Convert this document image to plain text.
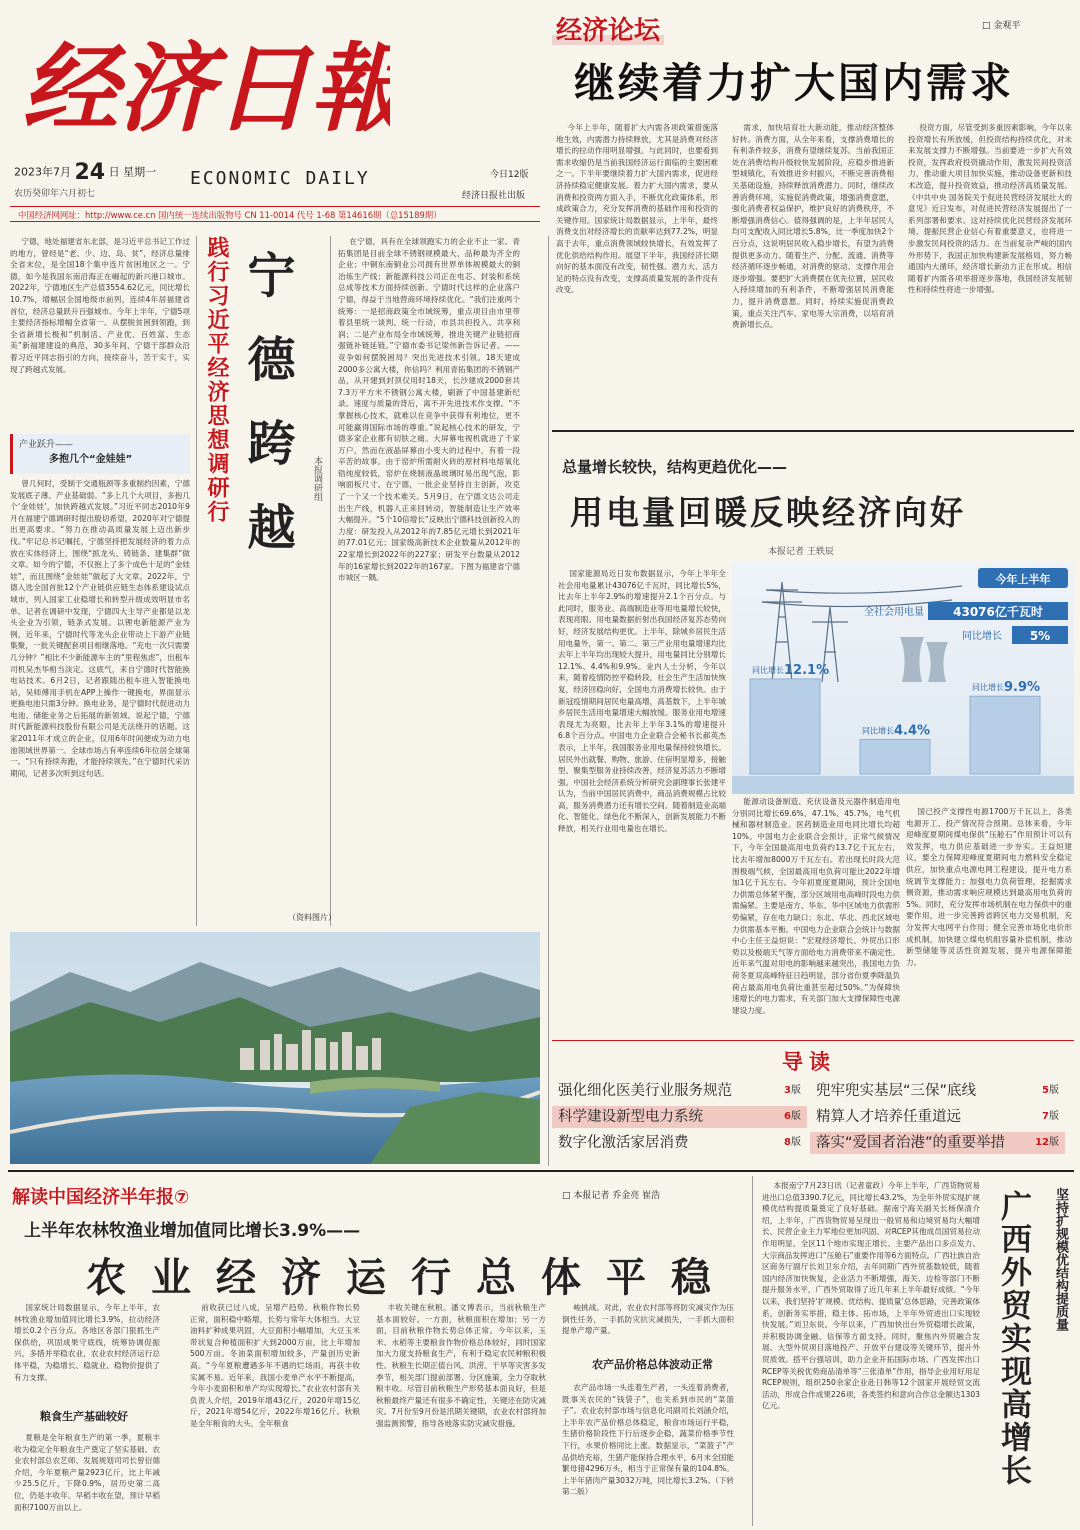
经济日報
2023年7月 24 日 星期一
农历癸卯年六月初七
ECONOMIC DAILY	今日12版
经济日报社出版
中国经济网网址：http://www.ce.cn 国内统一连续出版物号 CN 11-0014 代号 1-68 第14616期（总15189期）
经济论坛	□ 金观平
继续着力扩大国内需求
今年上半年，随着扩大内需各项政策措施落地生效，内需潜力持续释放，尤其是消费对经济增长的拉动作用明显增强。与此同时，也要看到需求收缩仍是当前我国经济运行面临的主要困难之一。下半年要继续着力扩大国内需求，促进经济持续稳定健康发展。着力扩大国内需求，要从消费和投资两方面入手，不断优化政策体系，形成政策合力，充分发挥消费的基础作用和投资的关键作用。国家统计局数据显示，上半年，最终消费支出对经济增长的贡献率达到77.2%，明显高于去年，重点消费领域较快增长，有效发挥了优化供给结构作用。展望下半年，我国经济长期向好的基本面没有改变，韧性强、潜力大、活力足的特点没有改变，支撑高质量发展的条件没有改变。
需求，加快培育壮大新动能，推动经济整体好转。消费方面，从全年来看，支撑消费增长的有利条件较多，消费有望继续复苏。当前我国正处在消费结构升级较快发展阶段，应稳步推进新型城镇化，有效推进乡村振兴，不断完善消费相关基础设施，持续释放消费潜力。同时，继续改善消费环境，实施促消费政策，增强消费意愿，强化消费者权益保护，维护良好的消费秩序，不断增强消费信心。值得强调的是，上半年居民人均可支配收入同比增长5.8%，比一季度加快2个百分点，这说明居民收入稳步增长，有望为消费提供更多动力。随着生产、分配、流通、消费等经济循环逐步畅通，对消费的驱动、支撑作用会逐步增强。要把扩大消费摆在优先位置，居民收入持续增加的有利条件，不断增强居民消费能力，提升消费意愿。同时，持续实施促消费政策，重点关注汽车、家电等大宗消费，以培育消费新增长点。
投资方面，尽管受到多重因素影响，今年以来投资增长有所放缓，但投资结构持续优化，对未来发展支撑力不断增强。当前要进一步扩大有效投资，发挥政府投资撬动作用，激发民间投资活力，推动重大项目加快实施，推动设备更新和技术改造，提升投资效益，推动经济高质量发展。《中共中央 国务院关于促进民营经济发展壮大的意见》近日发布，对促进民营经济发展提出了一系列部署和要求。这对持续优化民营经济发展环境、提振民营企业信心有着重要意义，也将进一步激发民间投资的活力。在当前复杂严峻的国内外形势下，我国正加快构建新发展格局，努力畅通国内大循环，经济增长新动力正在形成。相信随着扩内需各项举措逐步落地，我国经济发展韧性和持续性将进一步增强。
宁德，地处福建省东北部，是习近平总书记工作过的地方，曾经是“老、少、边、岛、贫”，经济总量排全省末位，是全国18个集中连片贫困地区之一。宁德，如今是我国东南沿海正在崛起的新兴港口城市。2022年，宁德地区生产总值3554.62亿元，同比增长10.7%，增幅居全国地级市前列，连续4年居福建省首位，经济总量跃升百强城市。今年上半年，宁德5项主要经济指标增幅全省第一。从摆脱贫困到领跑，到全省新增长极和“机制活、产业优、百姓富、生态美”新福建建设的典范，30多年间，宁德干部群众沿着习近平同志指引的方向，接续奋斗，苦干实干，实现了跨越式发展。
产业跃升——
多抱几个“金娃娃”
曾几何时，受制于交通瓶颈等多重制约因素，宁德发展底子薄、产业基础弱。“多上几个大项目，多抱几个‘金娃娃’，加快跨越式发展。”习近平同志2010年9月在福建宁德调研时提出殷切希望，2020年对宁德提出更高要求。“努力在推动高质量发展上迈出新步伐。”牢记总书记嘱托，宁德坚持把发展经济的着力点放在实体经济上，围绕“抓龙头、铸链条、建集群”做文章。如今的宁德，不仅抱上了多个成色十足的“金娃娃”，而且围绕“金娃娃”做起了大文章。2022年，宁德入选全国首批12个产业链供应链生态体系建设试点城市，列入国家工业稳增长和转型升级成效明显市名单。记者在调研中发现，宁德四大主导产业都是以龙头企业为引领，链条式发展。以锂电新能源产业为例，近年来，宁德时代等龙头企业带动上下游产业链集聚，一批关键配套项目相继落地。“充电一次只需要几分钟？”相比不少新能源车主的“里程焦虑”，出租车司机吴杰华相当淡定。这底气，来自宁德时代智能换电站技术。6月2日，记者跟随出租车进入智能换电站，吴师傅用手机在APP上操作一键换电，界面显示更换电池只需3分钟。换电业务，是宁德时代促进动力电池、储能业务之后拓展的新领域。说起宁德，宁德时代新能源科技股份有限公司是无法绕开的话题。这家2011年才成立的企业，仅用6年时间便成为动力电池领域世界第一。全球市场占有率连续6年位居全球第一。“只有持续奔跑，才能持续领先。”在宁德时代采访期间，记者多次听到这句话。
践行习近平经济思想调研行 宁德跨越	本报调研组
在宁德，具有在全球领跑实力的企业不止一家。青拓集团是目前全球不锈钢规模最大、品种最为齐全的企业；中铜东南铜业公司拥有世界单体规模最大的铜冶炼生产线；新能源科技公司正在电芯、封装和系统总成等技术方面持续创新。宁德时代这样的企业落户宁德，得益于当地营商环境持续优化。“我们注重两个统筹：一是招商政策全市域统筹，重点项目由市里带着县里统一谈判、统一行动，市县共担投入、共享利润；二是产业布局全市域统筹，推进关键产业链招商强链补链延链。”宁德市委书记梁伟新告诉记者。——竞争如何摆脱困局？突出先进技术引领。18天建成2000多公寓大楼，你信吗？利用青拓集团的不锈钢产品，从开建到封顶仅用时18天，长沙建成2000套共7.3万平方米不锈钢公寓大楼，刷新了中国基建新纪录。速度与质量的背后，离不开先进技术作支撑。“不掌握核心技术，就难以在竞争中获得有利地位，更不可能赢得国际市场的尊重。”说起核心技术的研发，宁德多家企业都有切肤之痛。大屏幕电视机就进了千家万户，然而在液晶屏幕由小变大的过程中，有着一段辛苦的故事。由于窑炉所需耐火砖的原材料电熔氧化锆纯度较低，窑炉在烧制液晶玻璃时易出现气泡，影响面板尺寸。在宁德，一批企业坚持自主创新，攻克了一个又一个技术难关。5月9日，在宁德文达公司走出生产线，机器人正来回转动，智能制造让生产效率大幅提升。“5个10倍增长”反映出宁德科技创新投入的力度：研发投入从2012年的7.85亿元增长到2021年的77.01亿元；国家级高新技术企业数量从2012年的22家增长到2022年的227家；研发平台数量从2012年的16家增长到2022年的167家。下图为福建省宁德市城区一隅。
（资料图片）
总量增长较快，结构更趋优化——
用电量回暖反映经济向好
本报记者 王轶辰
国家能源局近日发布数据显示，今年上半年全社会用电量累计43076亿千瓦时，同比增长5%，比去年上半年2.9%的增速提升2.1个百分点。与此同时，服务业、高端制造业等用电量增长较快，表现亮眼。用电量数据折射出我国经济复苏态势向好，经济发展结构更优。上半年，除城乡居民生活用电量外，第一、第二、第三产业用电量增速均比去年上半年均出现较大提升，用电量同比分别增长12.1%、4.4%和9.9%。业内人士分析，今年以来，随着疫情防控平稳转段，社会生产生活加快恢复，经济回稳向好，全国电力消费增长较快。由于新冠疫情期间居民电量高增，高基数下，上半年城乡居民生活用电量增速大幅放缓。服务业用电增速表现尤为亮眼，比去年上半年3.1%的增速提升6.8个百分点。中国电力企业联合会秘书长郝英杰表示，上半年，我国服务业用电量保持较快增长。居民外出就餐、购物、旅游、住宿明显增多，接触型、聚集型服务业持续改善，经济复苏活力不断增强。中国社会经济系统分析研究会副理事长张建平认为，当前中国居民消费中，商品消费规模占比较高，服务消费潜力还有增长空间。随着制造业高端化、智能化、绿色化不断深入，创新发展能力不断释放，相关行业用电量也在增长。
能源动设备制造、充伏设备及元器件制造用电分别同比增长69.6%、47.1%、45.7%，电气机械和器材制造业、医药制造业用电同比增长均超10%。中国电力企业联合会预计，正常气候情况下，今年全国最高用电负荷约13.7亿千瓦左右，比去年增加8000万千瓦左右。若出现长时段大范围极端气候，全国最高用电负荷可能比2022年增加1亿千瓦左右。今年初夏度夏期间，预计全国电力供需总体紧平衡，部分区域用电高峰时段电力供需偏紧。主要是南方、华东、华中区域电力供需形势偏紧，存在电力缺口；东北、华北、西北区域电力供需基本平衡。中国电力企业联合会统计与数据中心主任王益烜说：“宏观经济增长、外贸出口形势以及极端天气等方面给电力消费带来不确定性。近年来气温对用电的影响越来越突出，我国电力负荷冬夏双高峰特征日趋明显，部分省份夏季降温负荷占最高用电负荷比重甚至超过50%。”为保障快速增长的电力需求，有关部门加大支撑保障性电源建设力度。
国已投产支撑性电源1700万千瓦以上，各类电源开工、投产情况符合预期。总体来看，今年迎峰度夏期间煤电保供“压舱石”作用预计可以有效发挥，电力供应基础进一步夯实。王益烜建议，要全力保障迎峰度夏期间电力燃料安全稳定供应，加快重点电源电网工程建设，提升电力系统调节支撑能力；加强电力负荷管理，挖掘需求侧资源，推动需求响应规模达到最高用电负荷的5%。同时，充分发挥市场机制在电力保供中的重要作用，进一步完善跨省跨区电力交易机制，充分发挥大电网平台作用；健全完善市场化电价形成机制，加快建立煤电机组容量补偿机制，推动新型储能等灵活性资源发展，提升电源保障能力。
今年上半年
全社会用电量 43076亿千瓦时
同比增长 5%
同比增长 12.1%
同比增长 4.4%
同比增长 9.9%
导读
强化细化医美行业服务规范	3版	兜牢兜实基层“三保”底线	5版
科学建设新型电力系统	6版	精算人才培养任重道远	7版
数字化激活家居消费	8版	落实“爱国者治港”的重要举措	12版
解读中国经济半年报⑦	□ 本报记者 乔金亮 崔浩
上半年农林牧渔业增加值同比增长3.9%——
农业经济运行总体平稳
国家统计局数据显示，今年上半年，农林牧渔业增加值同比增长3.9%，拉动经济增长0.2个百分点。各地区各部门狠抓生产保供给，巩固成果守底线，统筹协调促振兴，多措并举稳农业，农业农村经济运行总体平稳，为稳增长、稳就业、稳物价提供了有力支撑。
粮食生产基础较好
夏粮是全年粮食生产的第一季，夏粮丰收为稳定全年粮食生产奠定了坚实基础。农业农村部总农艺师、发展规划司司长曾衍德介绍，今年夏粮产量2923亿斤，比上年减少25.5亿斤，下降0.9%，居历史第二高位，仍是丰收年。早稻丰收在望，预计早稻面积7100万亩以上。
前收获已过八成，呈增产趋势。秋粮作物长势正常，面积稳中略增，长势与常年大体相当。大豆油料扩种成果巩固，大豆面积小幅增加，大豆玉米带状复合种植面积扩大到2000万亩，比上年增加500万亩。冬油菜面积增加较多，产量创历史新高。“今年夏粮遭遇多年不遇的烂场雨，再获丰收实属不易。近年来，我国小麦单产水平不断提高，今年小麦面积和单产均实现增长。”农业农村部有关负责人介绍，2019年增43亿斤，2020年增15亿斤，2021年增54亿斤，2022年增16亿斤。秋粮是全年粮食的大头，全年粮食
丰收关键在秋粮。潘文博表示，当前秋粮生产基本面较好。一方面，秋粮面积在增加；另一方面，目前秋粮作物长势总体正常。今年以来，玉米、水稻等主要粮食作物价格总体较好，同时国家加大力度支持粮食生产，有利于稳定农民种粮积极性。秋粮生长期正值台风、洪涝、干旱等灾害多发季节，相关部门提前部署、分区施策，全力夺取秋粮丰收。尽管目前秋粮生产形势基本面良好，但是秋粮最终产量还有很多不确定性，关键还在防灾减灾。7月份至9月份是汛期关键期，农业农村部将加强监测预警，指导各地落实防灾减灾措施。
峻挑战。对此，农业农村部等将防灾减灾作为压倒性任务，一手抓防灾抗灾减损失，一手抓大面积提单产增产量。
农产品价格总体波动正常
农产品市场一头连着生产者，一头连着消费者，既事关农民的“钱袋子”，也关系到市民的“菜篮子”。农业农村部市场与信息化司副司长刘涵介绍，上半年农产品价格总体稳定，粮食市场运行平稳，生猪价格阶段性下行后逐步企稳，蔬菜价格季节性下行，水果价格同比上涨。数据显示，“菜篮子”产品供给充裕，生猪产能保持合理水平，6月末全国能繁母猪4296万头，相当于正常保有量的104.8%。上半年猪肉产量3032万吨，同比增长3.2%。（下转第二版）
本报南宁7月23日讯（记者童政）今年上半年，广西货物贸易进出口总值3390.7亿元，同比增长43.2%，为全年外贸实现扩规模优结构提质量奠定了良好基础。据南宁海关副关长杨保清介绍，上半年，广西货物贸易呈现出一般贸易和边境贸易均大幅增长、民营企业主力军地位更加巩固、对RCEP其他成员国贸易拉动作用明显、全区11个地市实现正增长、主要产品出口多点发力、大宗商品发挥进口“压舱石”重要作用等6方面特点。广西壮族自治区商务厅副厅长刘卫东介绍，去年同期广西外贸基数较低，随着国内经济加快恢复，企业活力不断增强，海关、边检等部门不断提升服务水平，广西外贸取得了近几年来上半年最好成绩。“今年以来，我们坚持‘扩规模、优结构、提质量’总体思路，完善政策体系，创新务实举措，稳主体、拓市场，上半年外贸进出口实现较快发展。”刘卫东说。今年以来，广西加快出台外贸稳增长政策，并积极协调金融、信保等方面支持。同时，聚焦内外贸融合发展、大型外贸项目落地投产、开放平台建设等关键环节，提升外贸质效。搭平台强培训，助力企业开拓国际市场。广西发挥出口RCEP等关税优势商品清单等“三张清单”作用，指导企业用好用足RCEP规则，组织250余家企业赴日韩等12个国家开展经贸交流活动，形成合作成果226项，各类签约和意向合作总金额达1303亿元。	广西外贸实现高增长	坚持扩规模优结构提质量
